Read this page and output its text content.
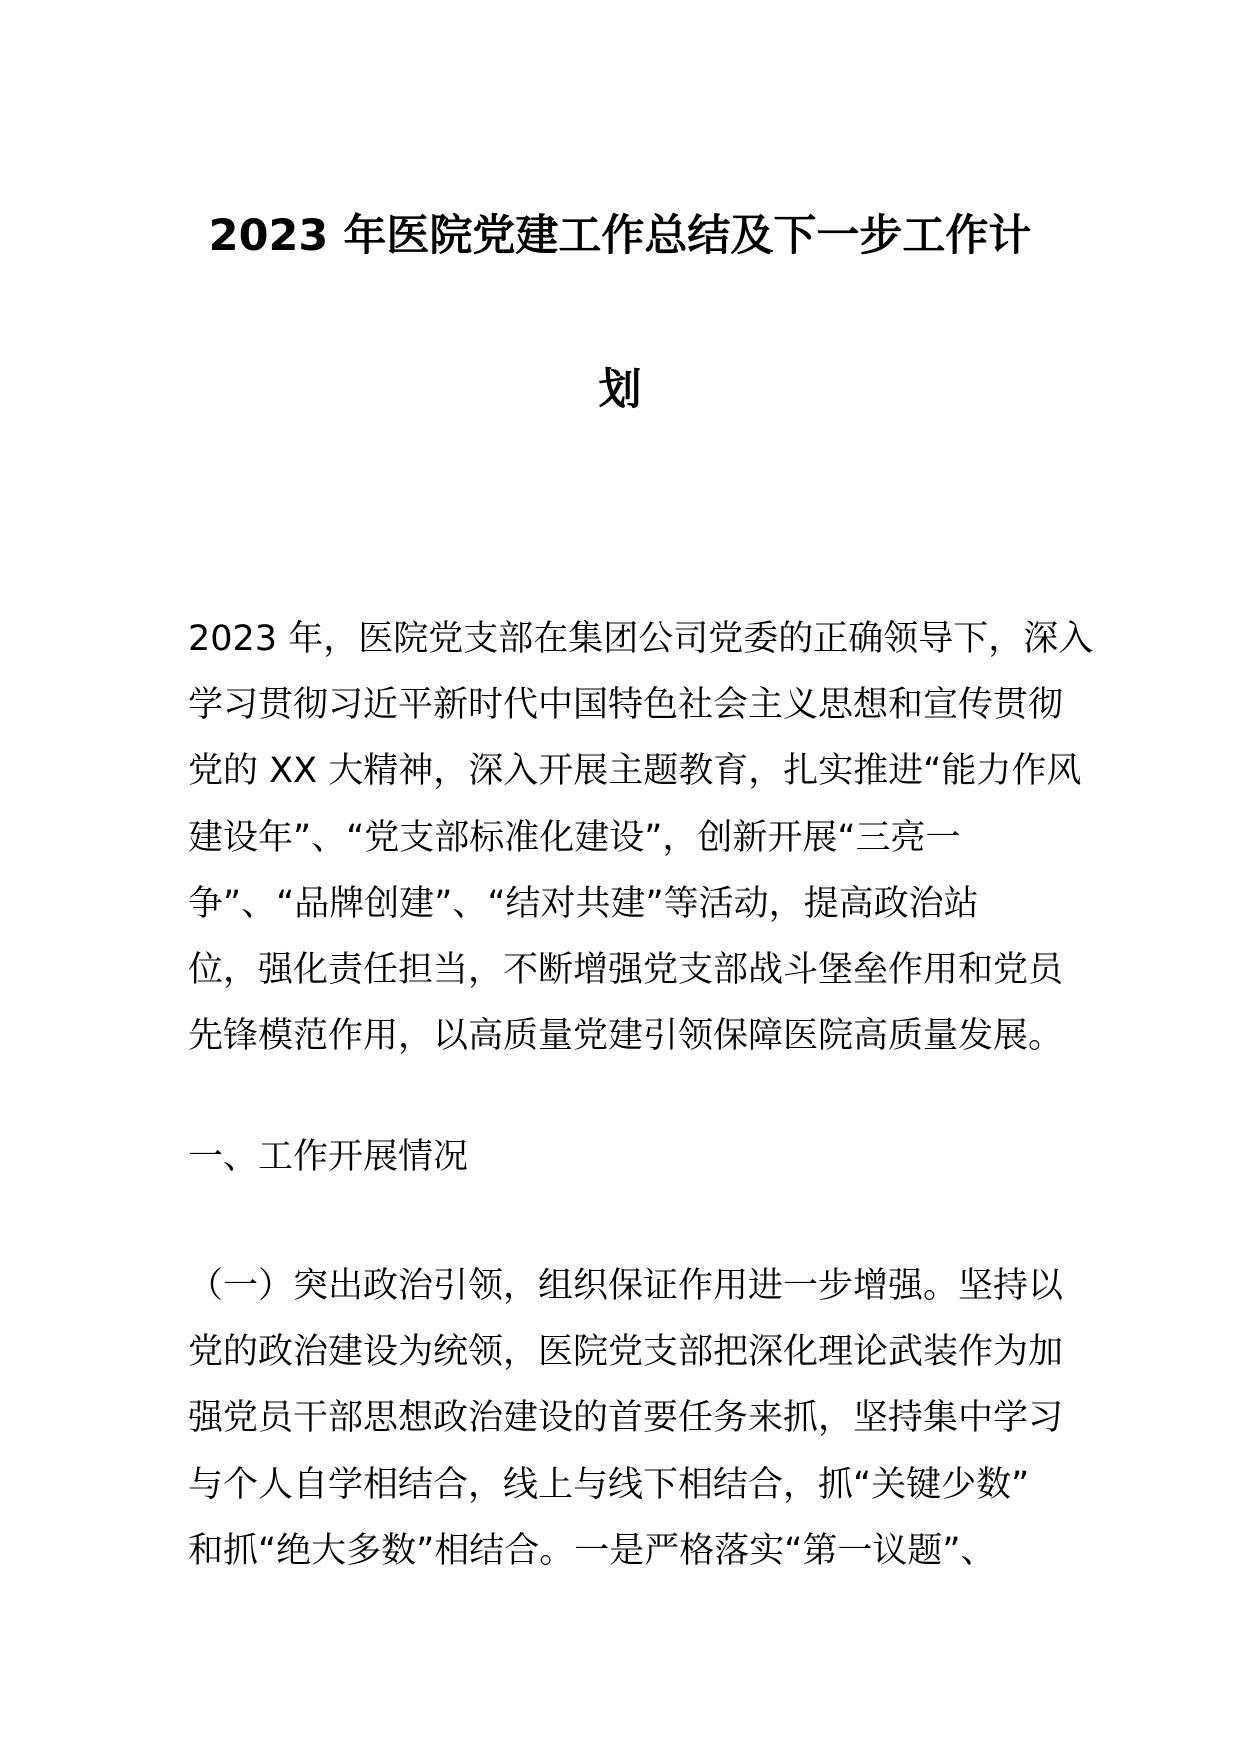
2023 年医院党建工作总结及下一步工作计
划
2023 年，医院党支部在集团公司党委的正确领导下，深入
学习贯彻习近平新时代中国特色社会主义思想和宣传贯彻
党的 XX 大精神，深入开展主题教育，扎实推进“能力作风
建设年”、“党支部标准化建设”，创新开展“三亮一
争”、“品牌创建”、“结对共建”等活动，提高政治站
位，强化责任担当，不断增强党支部战斗堡垒作用和党员
先锋模范作用，以高质量党建引领保障医院高质量发展。
一、工作开展情况
（一）突出政治引领，组织保证作用进一步增强。坚持以
党的政治建设为统领，医院党支部把深化理论武装作为加
强党员干部思想政治建设的首要任务来抓，坚持集中学习
与个人自学相结合，线上与线下相结合，抓“关键少数”
和抓“绝大多数”相结合。一是严格落实“第一议题”、
